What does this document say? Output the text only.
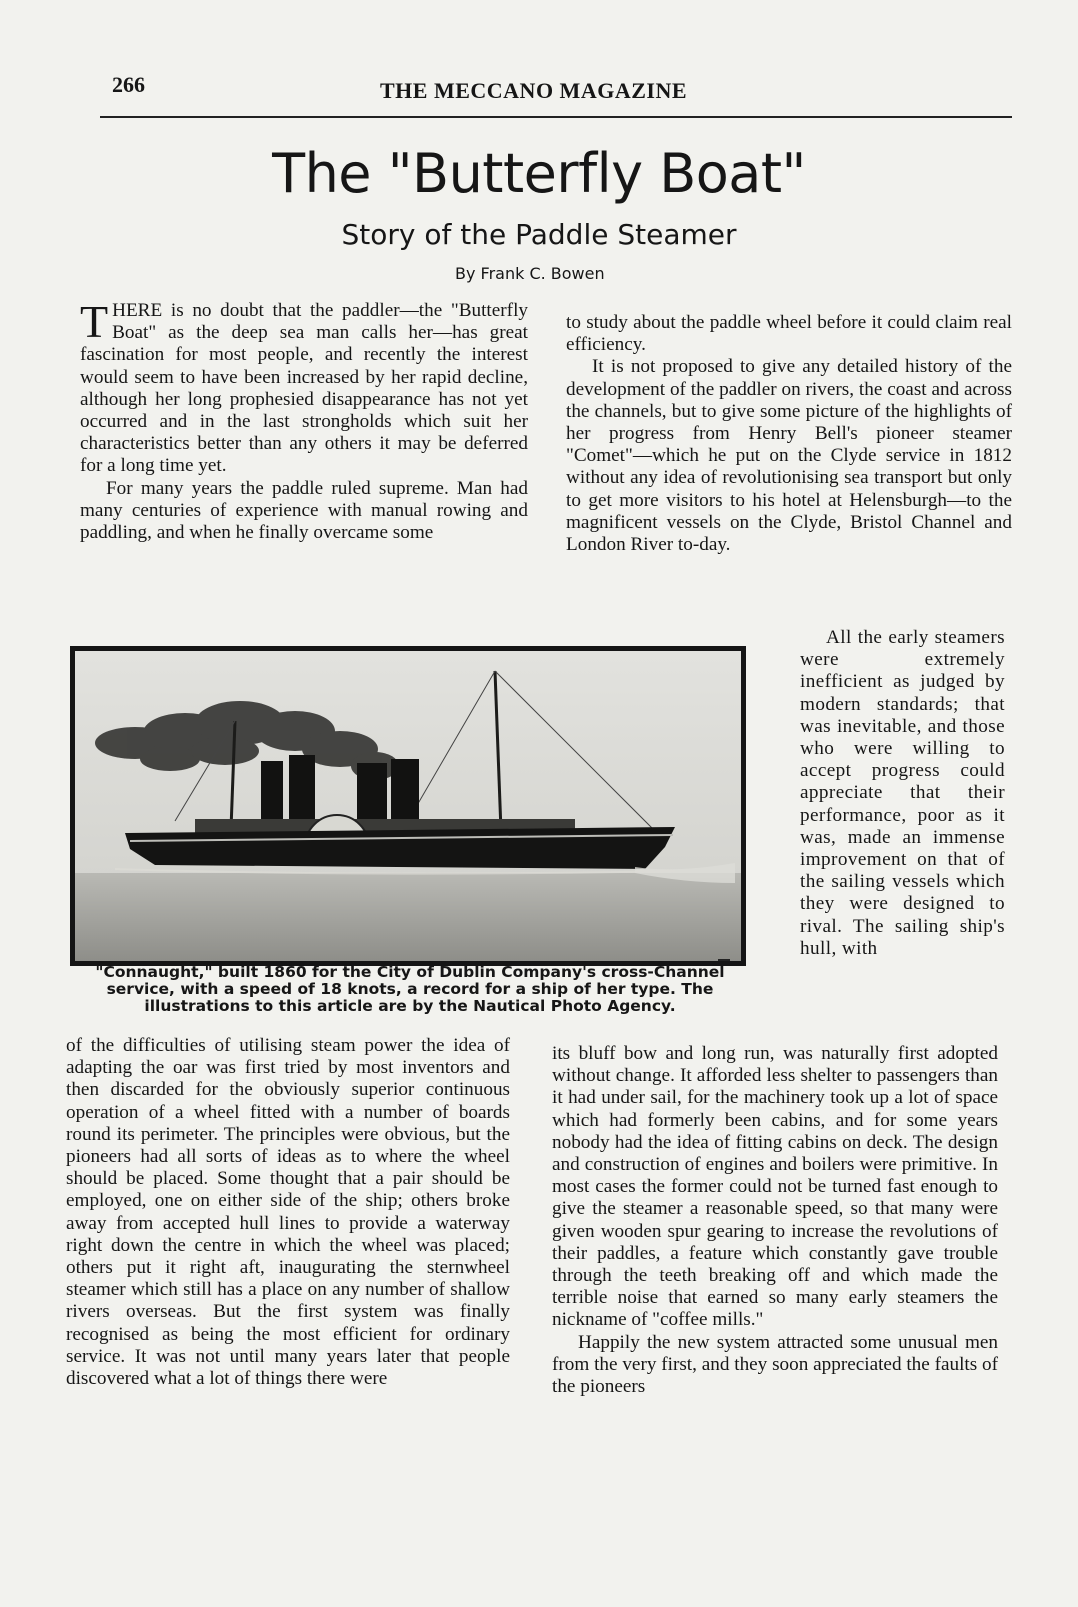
266	THE MECCANO MAGAZINE
The "Butterfly Boat"
Story of the Paddle Steamer
By Frank C. Bowen

THERE is no doubt that the paddler—the "Butterfly Boat" as the deep sea man calls her—has great fascination for most people, and recently the interest would seem to have been increased by her rapid decline, although her long prophesied disappearance has not yet occurred and in the last strongholds which suit her characteristics better than any others it may be deferred for a long time yet.

For many years the paddle ruled supreme. Man had many centuries of experience with manual rowing and paddling, and when he finally overcame some

to study about the paddle wheel before it could claim real efficiency.

It is not proposed to give any detailed history of the development of the paddler on rivers, the coast and across the channels, but to give some picture of the highlights of her progress from Henry Bell's pioneer steamer "Comet"—which he put on the Clyde service in 1812 without any idea of revolutionising sea transport but only to get more visitors to his hotel at Helensburgh—to the magnificent vessels on the Clyde, Bristol Channel and London River to-day.

All the early steamers were extremely inefficient as judged by modern standards; that was inevitable, and those who were willing to accept progress could appreciate that their performance, poor as it was, made an immense improvement on that of the sailing vessels which they were designed to rival. The sailing ship's hull, with

"Connaught," built 1860 for the City of Dublin Company's cross-Channel service, with a speed of 18 knots, a record for a ship of her type. The illustrations to this article are by the Nautical Photo Agency.

of the difficulties of utilising steam power the idea of adapting the oar was first tried by most inventors and then discarded for the obviously superior continuous operation of a wheel fitted with a number of boards round its perimeter. The principles were obvious, but the pioneers had all sorts of ideas as to where the wheel should be placed. Some thought that a pair should be employed, one on either side of the ship; others broke away from accepted hull lines to provide a waterway right down the centre in which the wheel was placed; others put it right aft, inaugurating the sternwheel steamer which still has a place on any number of shallow rivers overseas. But the first system was finally recognised as being the most efficient for ordinary service. It was not until many years later that people discovered what a lot of things there were

its bluff bow and long run, was naturally first adopted without change. It afforded less shelter to passengers than it had under sail, for the machinery took up a lot of space which had formerly been cabins, and for some years nobody had the idea of fitting cabins on deck. The design and construction of engines and boilers were primitive. In most cases the former could not be turned fast enough to give the steamer a reasonable speed, so that many were given wooden spur gearing to increase the revolutions of their paddles, a feature which constantly gave trouble through the teeth breaking off and which made the terrible noise that earned so many early steamers the nickname of "coffee mills."

Happily the new system attracted some unusual men from the very first, and they soon appreciated the faults of the pioneers
